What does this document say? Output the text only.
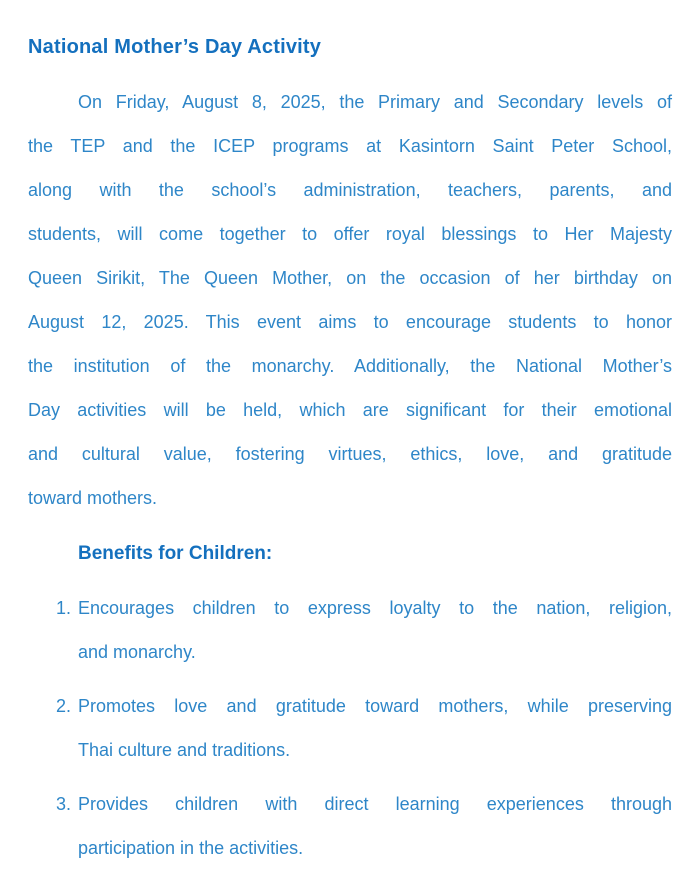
National Mother’s Day Activity
On Friday, August 8, 2025, the Primary and Secondary levels of
the TEP and the ICEP programs at Kasintorn Saint Peter School,
along with the school’s administration, teachers, parents, and
students, will come together to offer royal blessings to Her Majesty
Queen Sirikit, The Queen Mother, on the occasion of her birthday on
August 12, 2025. This event aims to encourage students to honor
the institution of the monarchy. Additionally, the National Mother’s
Day activities will be held, which are significant for their emotional
and cultural value, fostering virtues, ethics, love, and gratitude
toward mothers.
Benefits for Children:
1. Encourages children to express loyalty to the nation, religion,
and monarchy.
2. Promotes love and gratitude toward mothers, while preserving
Thai culture and traditions.
3. Provides children with direct learning experiences through
participation in the activities.
